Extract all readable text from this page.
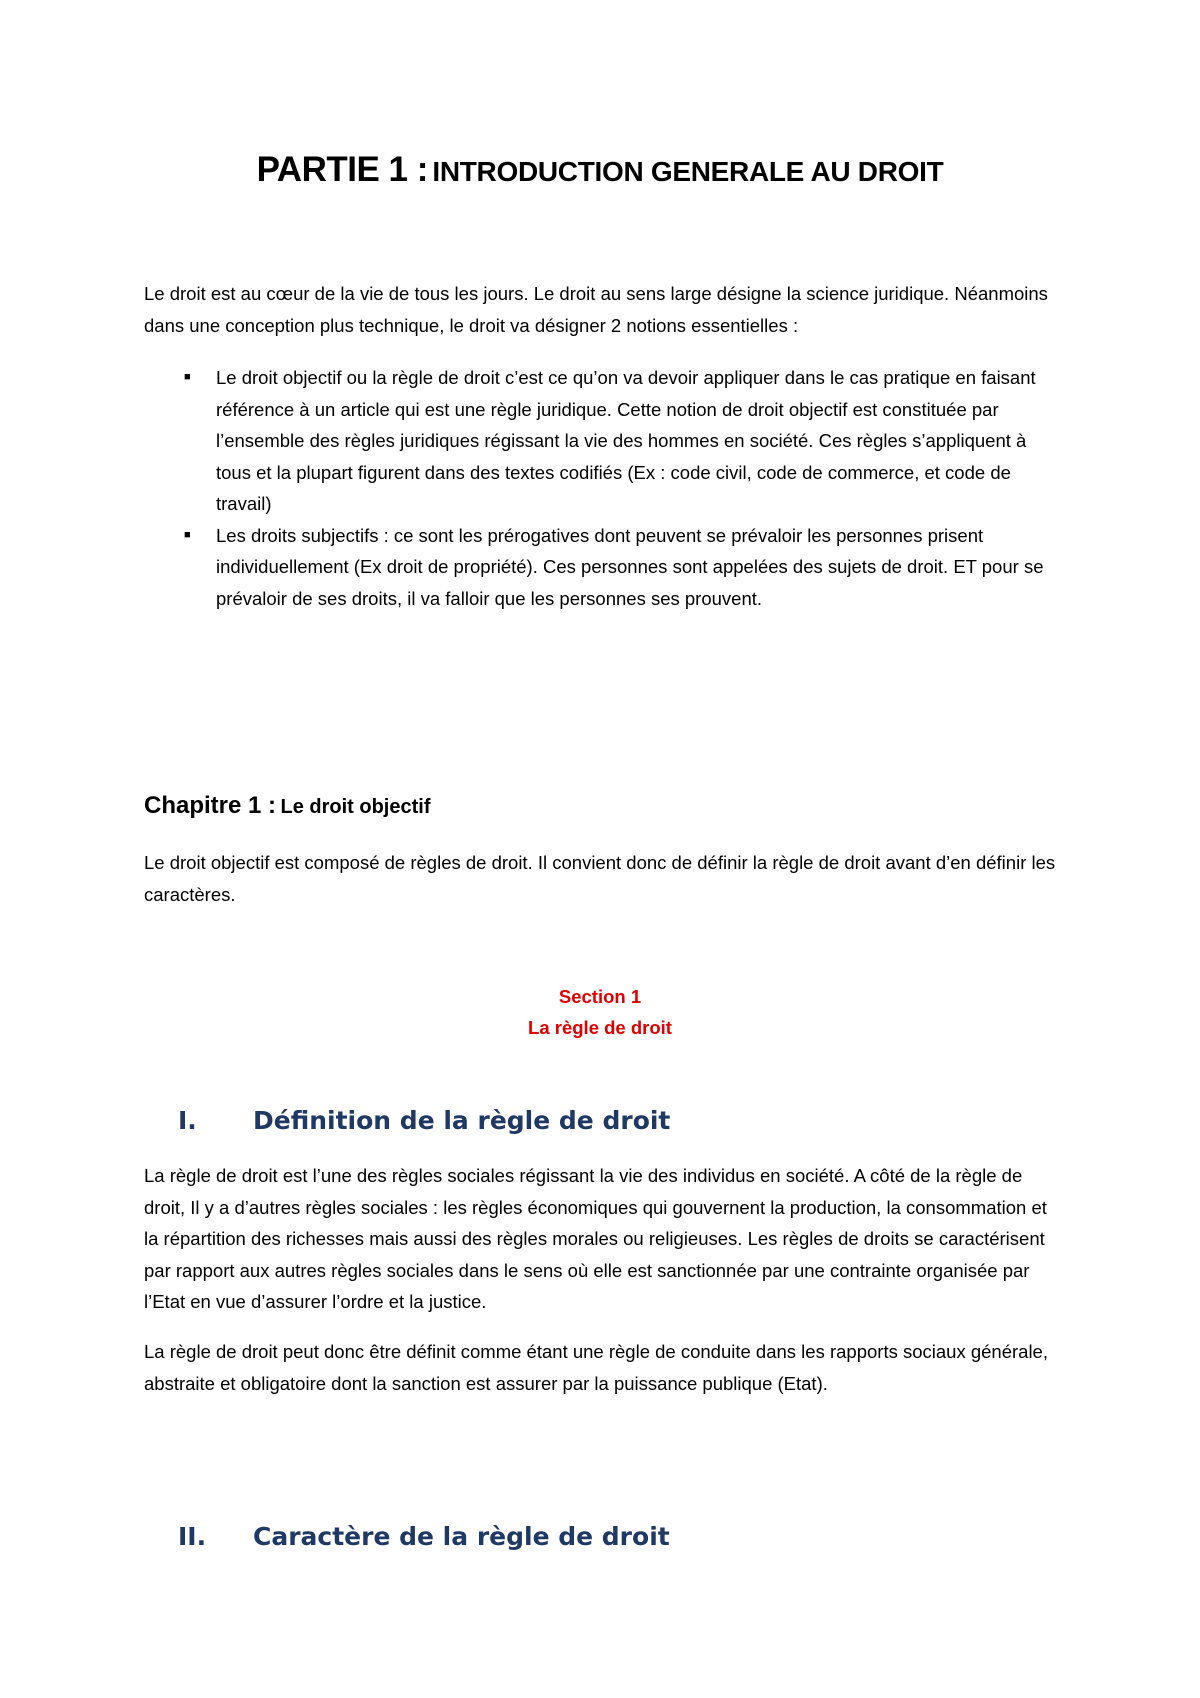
PARTIE 1 : INTRODUCTION GENERALE AU DROIT

Le droit est au cœur de la vie de tous les jours. Le droit au sens large désigne la science juridique. Néanmoins dans une conception plus technique, le droit va désigner 2 notions essentielles :

■ Le droit objectif ou la règle de droit c’est ce qu’on va devoir appliquer dans le cas pratique en faisant référence à un article qui est une règle juridique. Cette notion de droit objectif est constituée par l’ensemble des règles juridiques régissant la vie des hommes en société. Ces règles s’appliquent à tous et la plupart figurent dans des textes codifiés (Ex : code civil, code de commerce, et code de travail)
■ Les droits subjectifs : ce sont les prérogatives dont peuvent se prévaloir les personnes prisent individuellement (Ex droit de propriété). Ces personnes sont appelées des sujets de droit. ET pour se prévaloir de ses droits, il va falloir que les personnes ses prouvent.
Chapitre 1 : Le droit objectif

Le droit objectif est composé de règles de droit. Il convient donc de définir la règle de droit avant d’en définir les caractères.

Section 1
La règle de droit
I. Définition de la règle de droit

La règle de droit est l’une des règles sociales régissant la vie des individus en société. A côté de la règle de droit, Il y a d’autres règles sociales : les règles économiques qui gouvernent la production, la consommation et la répartition des richesses mais aussi des règles morales ou religieuses. Les règles de droits se caractérisent par rapport aux autres règles sociales dans le sens où elle est sanctionnée par une contrainte organisée par l’Etat en vue d’assurer l’ordre et la justice.

La règle de droit peut donc être définit comme étant une règle de conduite dans les rapports sociaux générale, abstraite et obligatoire dont la sanction est assurer par la puissance publique (Etat).

II. Caractère de la règle de droit
